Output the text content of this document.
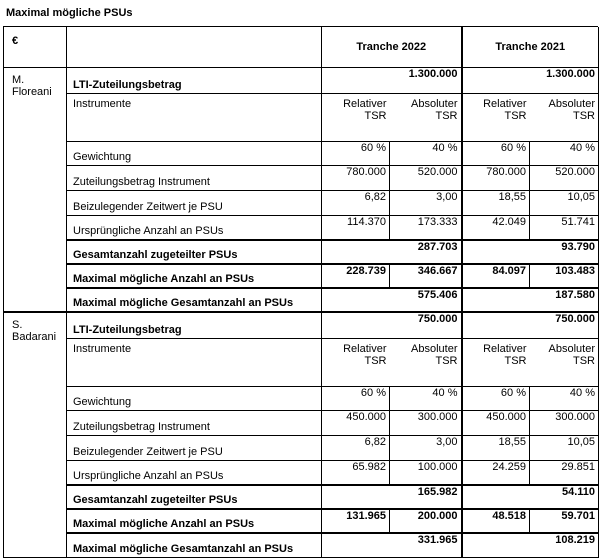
Maximal mögliche PSUs
€		Tranche 2022		Tranche 2021	
M. Floreani	LTI-Zuteilungsbetrag	1.300.000		1.300.000	
	Instrumente	Relativer TSR	Absoluter TSR	Relativer TSR	Absoluter TSR
	Gewichtung	60 %	40 %	60 %	40 %
	Zuteilungsbetrag Instrument	780.000	520.000	780.000	520.000
	Beizulegender Zeitwert je PSU	6,82	3,00	18,55	10,05
	Ursprüngliche Anzahl an PSUs	114.370	173.333	42.049	51.741
	Gesamtanzahl zugeteilter PSUs	287.703		93.790	
	Maximal mögliche Anzahl an PSUs	228.739	346.667	84.097	103.483
	Maximal mögliche Gesamtanzahl an PSUs	575.406		187.580	
S. Badarani	LTI-Zuteilungsbetrag	750.000		750.000	
	Instrumente	Relativer TSR	Absoluter TSR	Relativer TSR	Absoluter TSR
	Gewichtung	60 %	40 %	60 %	40 %
	Zuteilungsbetrag Instrument	450.000	300.000	450.000	300.000
	Beizulegender Zeitwert je PSU	6,82	3,00	18,55	10,05
	Ursprüngliche Anzahl an PSUs	65.982	100.000	24.259	29.851
	Gesamtanzahl zugeteilter PSUs	165.982		54.110	
	Maximal mögliche Anzahl an PSUs	131.965	200.000	48.518	59.701
	Maximal mögliche Gesamtanzahl an PSUs	331.965		108.219	
